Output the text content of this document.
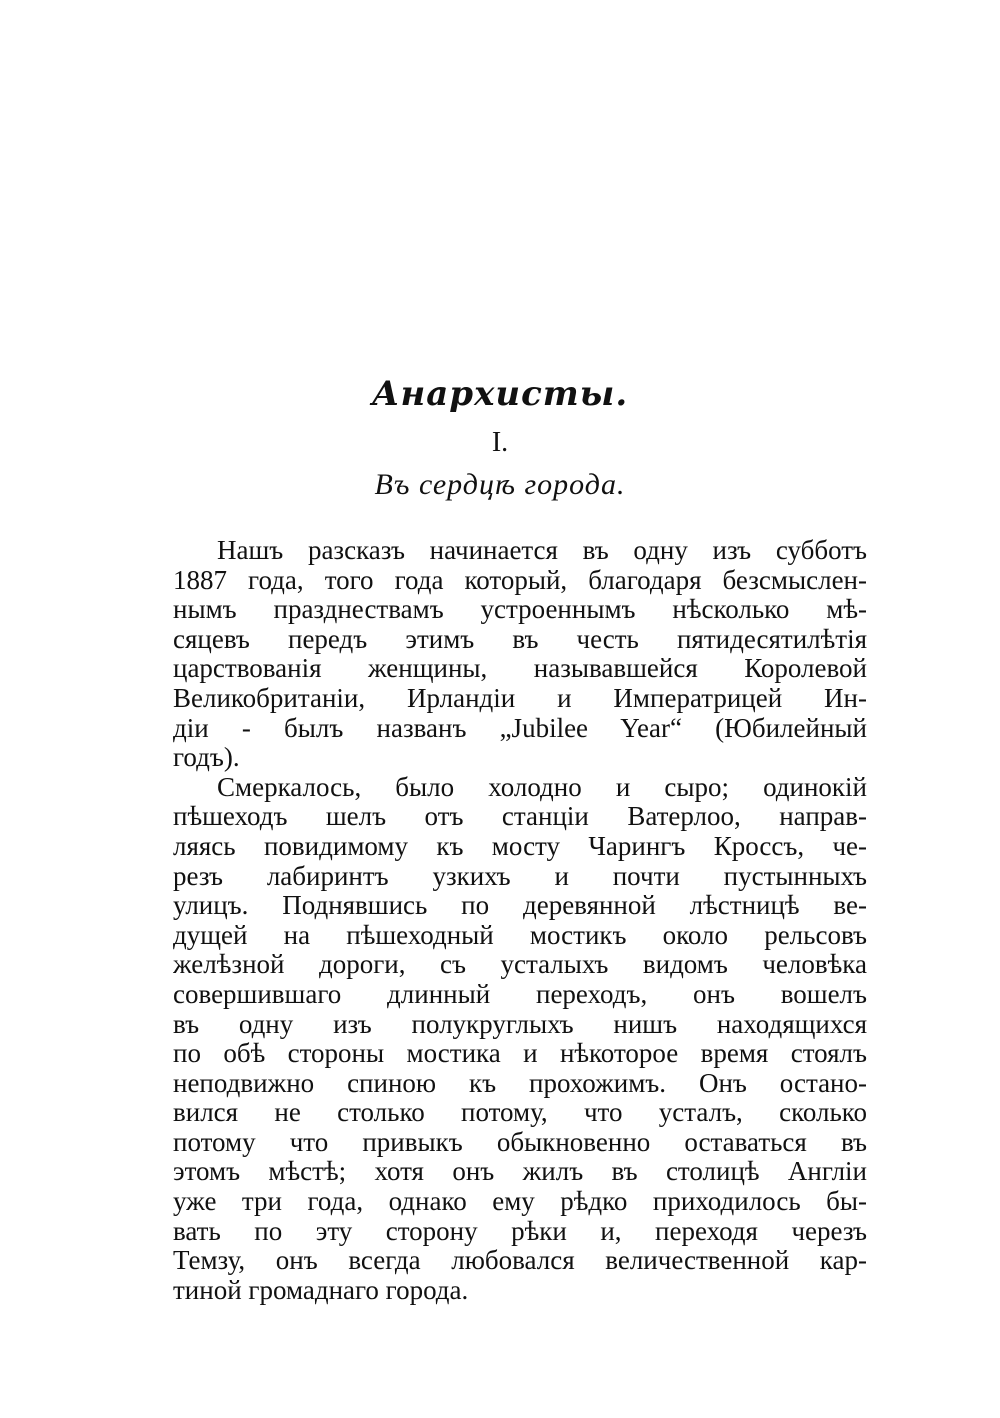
Анархисты.
I.
Въ сердцѣ города.
Нашъ разсказъ начинается въ одну изъ субботъ
1887 года, того года который, благодаря безсмыслен-
нымъ празднествамъ устроеннымъ нѣсколько мѣ-
сяцевъ передъ этимъ въ честь пятидесятилѣтія
царствованія женщины, называвшейся Королевой
Великобританіи, Ирландіи и Императрицей Ин-
діи - былъ названъ „Jubilee Year“ (Юбилейный
годъ).
Смеркалось, было холодно и сыро; одинокій
пѣшеходъ шелъ отъ станціи Ватерлоо, направ-
ляясь повидимому къ мосту Чарингъ Кроссъ, че-
резъ лабиринтъ узкихъ и почти пустынныхъ
улицъ. Поднявшись по деревянной лѣстницѣ ве-
дущей на пѣшеходный мостикъ около рельсовъ
желѣзной дороги, съ усталыхъ видомъ человѣка
совершившаго длинный переходъ, онъ вошелъ
въ одну изъ полукруглыхъ нишъ находящихся
по обѣ стороны мостика и нѣкоторое время стоялъ
неподвижно спиною къ прохожимъ. Онъ остано-
вился не столько потому, что усталъ, сколько
потому что привыкъ обыкновенно оставаться въ
этомъ мѣстѣ; хотя онъ жилъ въ столицѣ Англіи
уже три года, однако ему рѣдко приходилось бы-
вать по эту сторону рѣки и, переходя черезъ
Темзу, онъ всегда любовался величественной кар-
тиной громаднаго города.
